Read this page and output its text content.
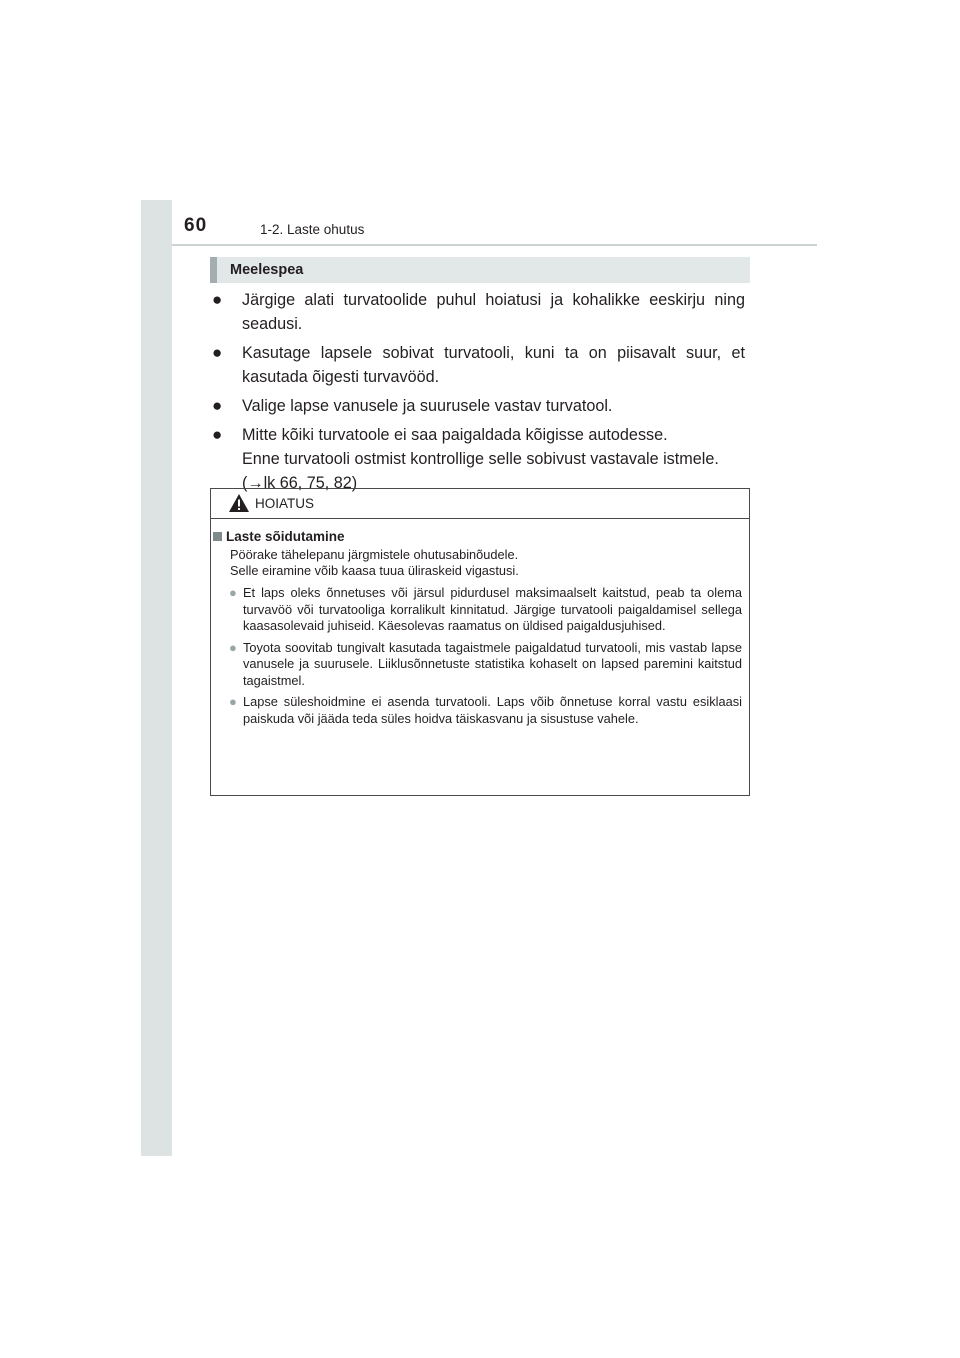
60	1-2. Laste ohutus
Meelespea
● Järgige alati turvatoolide puhul hoiatusi ja kohalikke eeskirju ning seadusi.

● Kasutage lapsele sobivat turvatooli, kuni ta on piisavalt suur, et kasutada õigesti turvavööd.

● Valige lapse vanusele ja suurusele vastav turvatool.

● Mitte kõiki turvatoole ei saa paigaldada kõigisse autodesse.

Enne turvatooli ostmist kontrollige selle sobivust vastavale istmele.

(→lk 66, 75, 82)

HOIATUS
Laste sõidutamine
Pöörake tähelepanu järgmistele ohutusabinõudele.
Selle eiramine võib kaasa tuua üliraskeid vigastusi.
● Et laps oleks õnnetuses või järsul pidurdusel maksimaalselt kaitstud, peab ta olema turvavöö või turvatooliga korralikult kinnitatud. Järgige turvatooli paigaldamisel sellega kaasasolevaid juhiseid. Käesolevas raamatus on üldised paigaldusjuhised.
● Toyota soovitab tungivalt kasutada tagaistmele paigaldatud turvatooli, mis vastab lapse vanusele ja suurusele. Liiklusõnnetuste statistika kohaselt on lapsed paremini kaitstud tagaistmel.
● Lapse süleshoidmine ei asenda turvatooli. Laps võib õnnetuse korral vastu esiklaasi paiskuda või jääda teda süles hoidva täiskasvanu ja sisustuse vahele.
